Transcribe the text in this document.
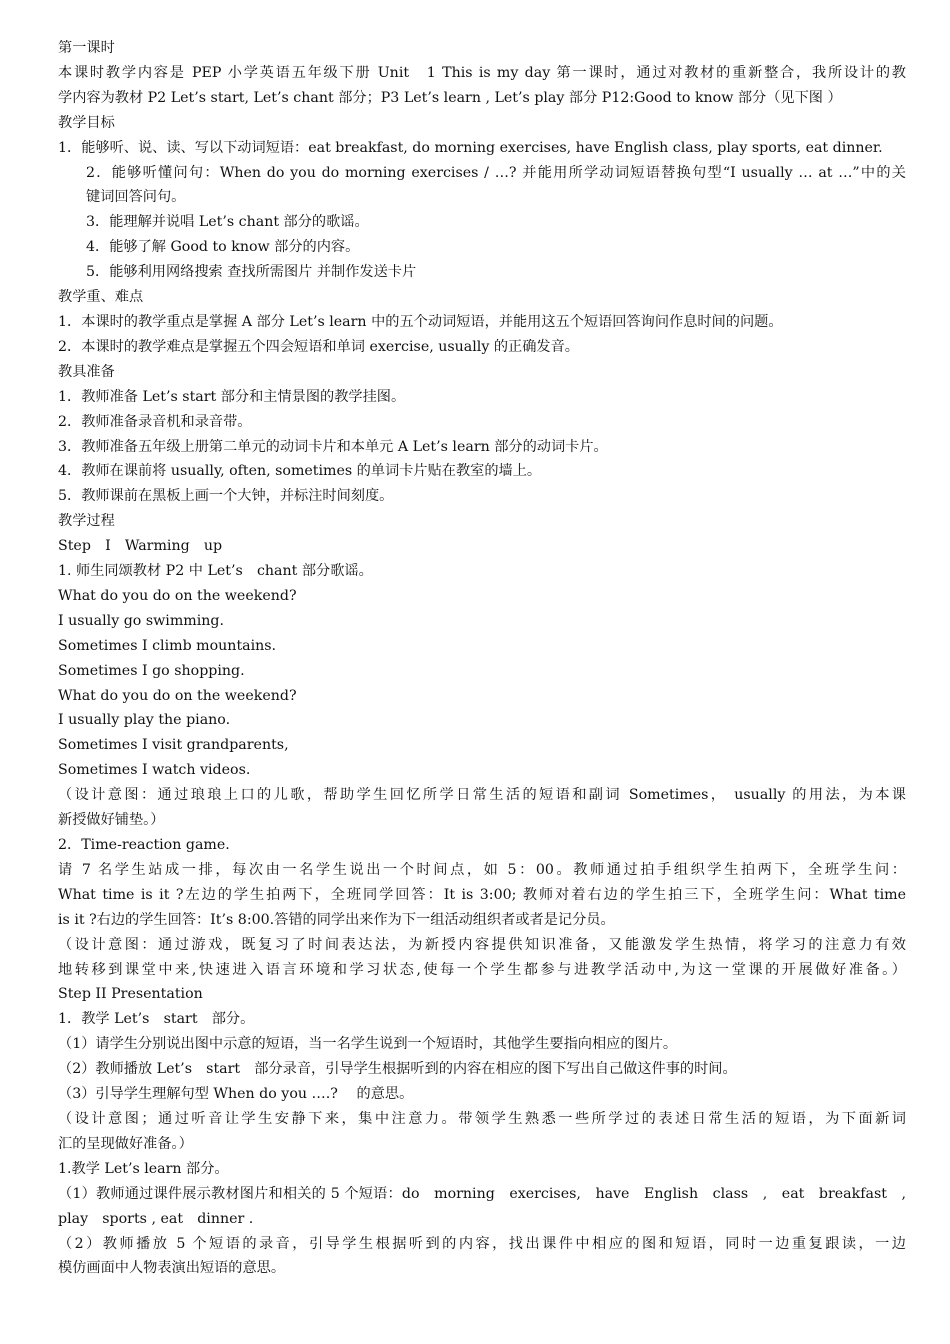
第一课时
本课时教学内容是 PEP 小学英语五年级下册 Unit　1 This is my day 第一课时，通过对教材的重新整合，我所设计的教
学内容为教材 P2 Let’s start, Let’s chant 部分；P3 Let’s learn , Let’s play 部分 P12:Good to know 部分（见下图 ）
教学目标
1．能够听、说、读、写以下动词短语：eat breakfast, do morning exercises, have English class, play sports, eat dinner.
2．能够听懂问句：When do you do morning exercises / …? 并能用所学动词短语替换句型“I usually … at …”中的关
键词回答问句。
3．能理解并说唱 Let’s chant 部分的歌谣。
4．能够了解 Good to know 部分的内容。
5．能够利用网络搜索 查找所需图片 并制作发送卡片
教学重、难点
1．本课时的教学重点是掌握 A 部分 Let’s learn 中的五个动词短语，并能用这五个短语回答询问作息时间的问题。
2．本课时的教学难点是掌握五个四会短语和单词 exercise, usually 的正确发音。
教具准备
1．教师准备 Let’s start 部分和主情景图的教学挂图。
2．教师准备录音机和录音带。
3．教师准备五年级上册第二单元的动词卡片和本单元 A Let’s learn 部分的动词卡片。
4．教师在课前将 usually, often, sometimes 的单词卡片贴在教室的墙上。
5．教师课前在黑板上画一个大钟，并标注时间刻度。
教学过程
Step　I　Warming　up
1. 师生同颂教材 P2 中 Let’s　chant 部分歌谣。
What do you do on the weekend?
I usually go swimming.
Sometimes I climb mountains.
Sometimes I go shopping.
What do you do on the weekend?
I usually play the piano.
Sometimes I visit grandparents,
Sometimes I watch videos.
（设计意图：通过琅琅上口的儿歌，帮助学生回忆所学日常生活的短语和副词 Sometimes， usually 的用法，为本课
新授做好铺垫。）
2．Time-reaction game.
请 7 名学生站成一排，每次由一名学生说出一个时间点，如 5：00。教师通过拍手组织学生拍两下，全班学生问：
What time is it ?左边的学生拍两下，全班同学回答：It is 3:00; 教师对着右边的学生拍三下，全班学生问：What time
is it ?右边的学生回答：It’s 8:00.答错的同学出来作为下一组活动组织者或者是记分员。
（设计意图：通过游戏，既复习了时间表达法，为新授内容提供知识准备，又能激发学生热情，将学习的注意力有效
地转移到课堂中来,快速进入语言环境和学习状态,使每一个学生都参与进教学活动中,为这一堂课的开展做好准备。）
Step II Presentation
1．教学 Let’s　start　部分。
（1）请学生分别说出图中示意的短语，当一名学生说到一个短语时，其他学生要指向相应的图片。
（2）教师播放 Let’s　start　部分录音，引导学生根据听到的内容在相应的图下写出自己做这件事的时间。
（3）引导学生理解句型 When do you ….?　 的意思。
（设计意图；通过听音让学生安静下来，集中注意力。带领学生熟悉一些所学过的表述日常生活的短语，为下面新词
汇的呈现做好准备。）
1.教学 Let’s learn 部分。
（1）教师通过课件展示教材图片和相关的 5 个短语：do　morning　exercises,　have　English　class　,　eat　breakfast　,
play　sports , eat　dinner .
（2）教师播放 5 个短语的录音，引导学生根据听到的内容，找出课件中相应的图和短语，同时一边重复跟读，一边
模仿画面中人物表演出短语的意思。
